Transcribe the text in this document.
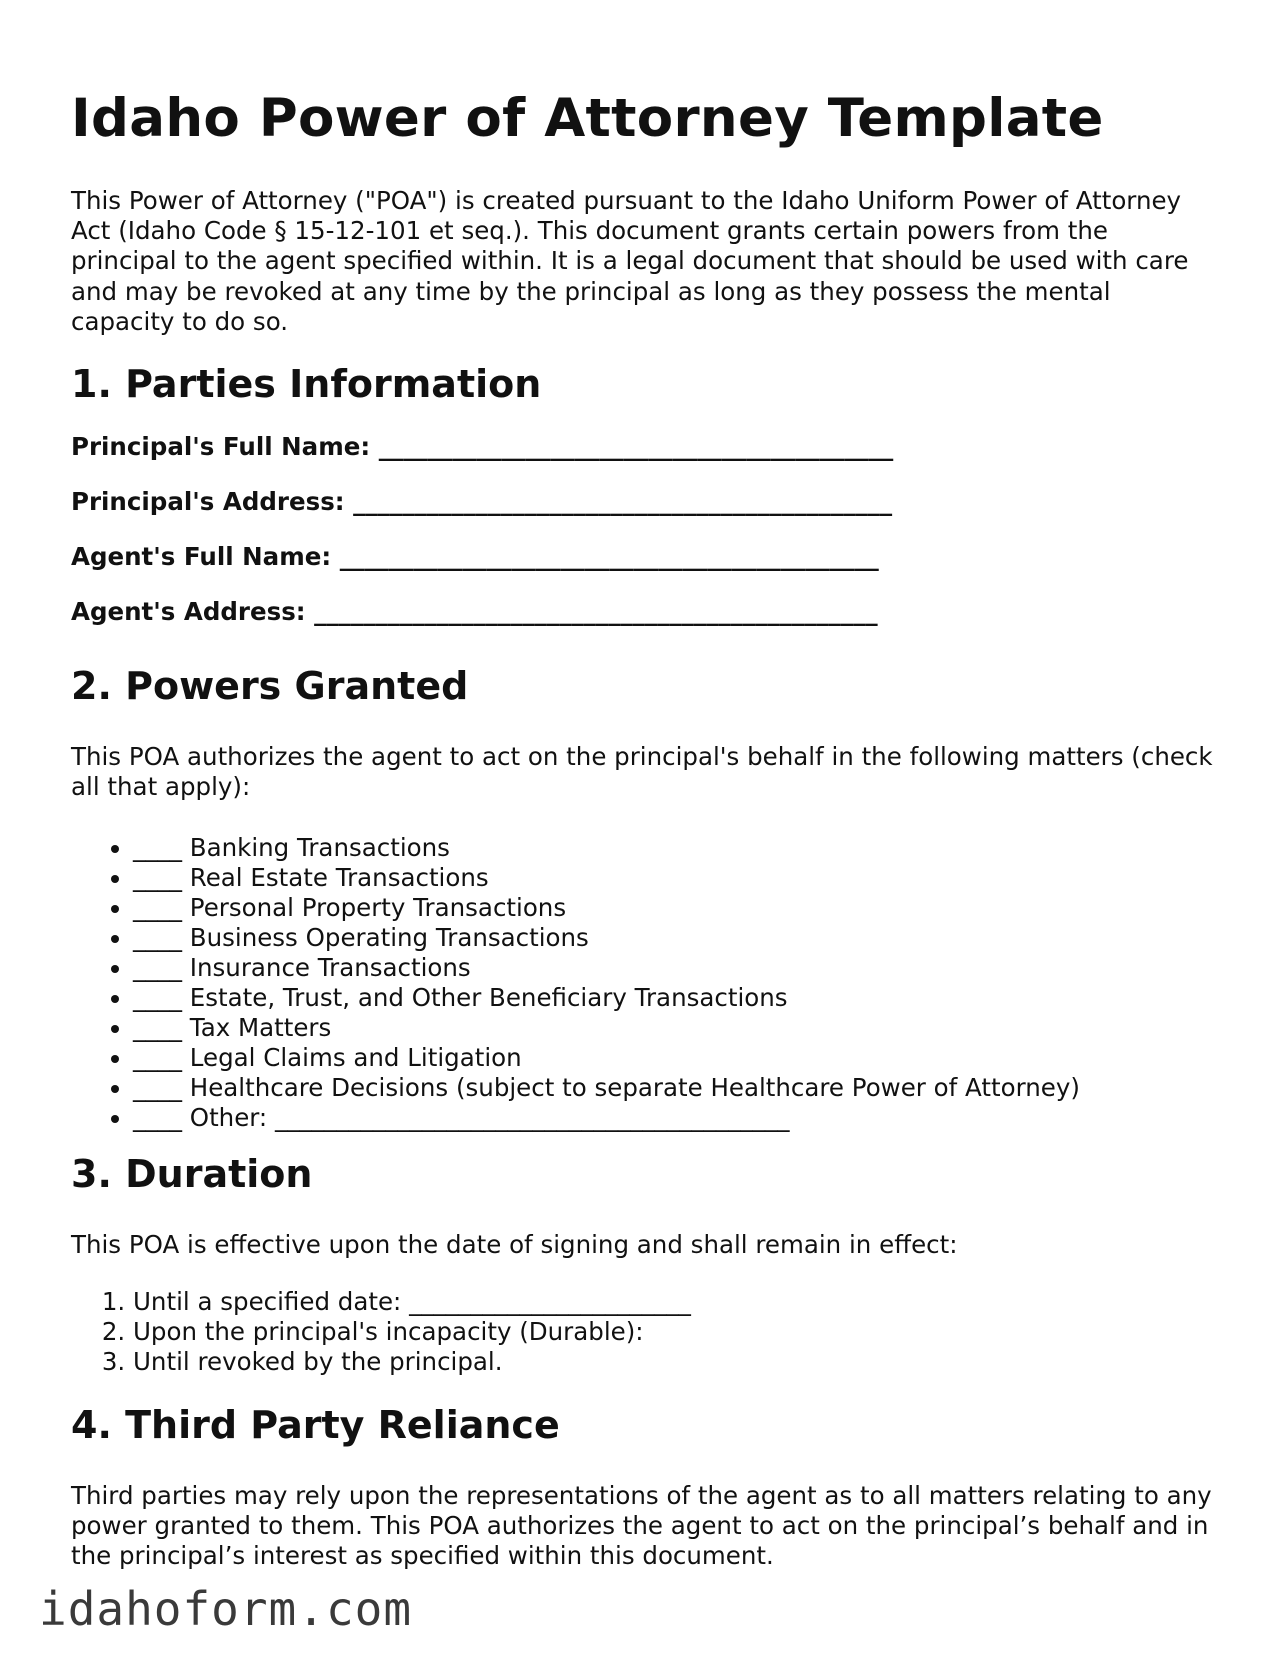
Idaho Power of Attorney Template

This Power of Attorney ("POA") is created pursuant to the Idaho Uniform Power of Attorney Act (Idaho Code § 15-12-101 et seq.). This document grants certain powers from the principal to the agent specified within. It is a legal document that should be used with care and may be revoked at any time by the principal as long as they possess the mental capacity to do so.

1. Parties Information
Principal's Full Name: __________________________________________
Principal's Address: ____________________________________________
Agent's Full Name: ____________________________________________
Agent's Address: ______________________________________________
2. Powers Granted

This POA authorizes the agent to act on the principal's behalf in the following matters (check all that apply):

• ____ Banking Transactions
• ____ Real Estate Transactions
• ____ Personal Property Transactions
• ____ Business Operating Transactions
• ____ Insurance Transactions
• ____ Estate, Trust, and Other Beneficiary Transactions
• ____ Tax Matters
• ____ Legal Claims and Litigation
• ____ Healthcare Decisions (subject to separate Healthcare Power of Attorney)
• ____ Other: __________________________________________
3. Duration

This POA is effective upon the date of signing and shall remain in effect:

1. Until a specified date: _______________________
2. Upon the principal's incapacity (Durable):
3. Until revoked by the principal.
4. Third Party Reliance

Third parties may rely upon the representations of the agent as to all matters relating to any power granted to them. This POA authorizes the agent to act on the principal’s behalf and in the principal’s interest as specified within this document.

idahoform.com
